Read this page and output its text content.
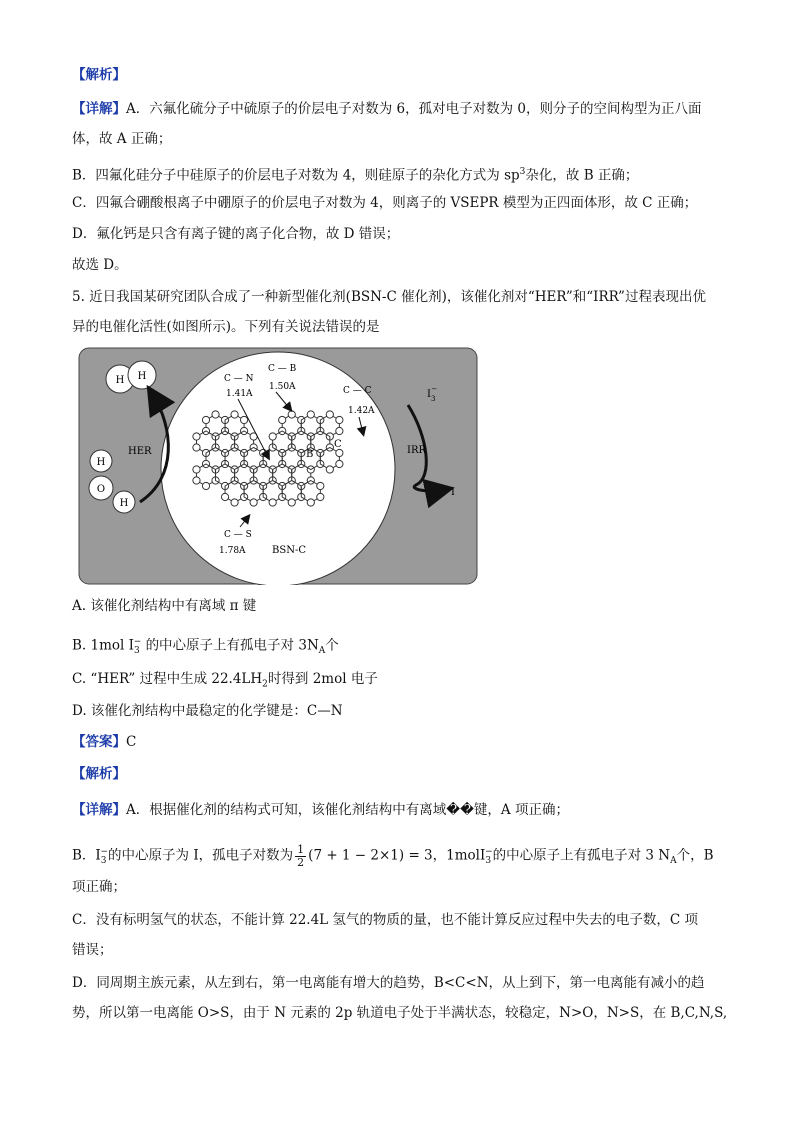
【解析】
【详解】A．六氟化硫分子中硫原子的价层电子对数为 6，孤对电子对数为 0，则分子的空间构型为正八面
体，故 A 正确；
B．四氟化硅分子中硅原子的价层电子对数为 4，则硅原子的杂化方式为 $sp^3$杂化，故 B 正确；
C．四氟合硼酸根离子中硼原子的价层电子对数为 4，则离子的 VSEPR 模型为正四面体形，故 C 正确；
D．氟化钙是只含有离子键的离子化合物，故 D 错误；
故选 D。
5. 近日我国某研究团队合成了一种新型催化剂(BSN-C 催化剂)，该催化剂对“HER”和“IRR”过程表现出优
异的电催化活性(如图所示)。下列有关说法错误的是
H H
H
O
H
HER	IRR
$I_3-$
I
C — N
1.41A
C — B
1.50A	C — C
1.42A
B
C
C — S
1.78A	BSN-C
A. 该催化剂结构中有离域 π 键
B. 1mol $I_3^-$ 的中心原子上有孤电子对 $3N_A$个
C. “HER” 过程中生成 $22.4LH_2$时得到 2mol 电子
D. 该催化剂结构中最稳定的化学键是：C—N
【答案】C
【解析】
【详解】A．根据催化剂的结构式可知，该催化剂结构中有离域��键，A 项正确；
B．$I_3^-$的中心原子为 I，孤电子对数为 $\frac{1}{2} (7 + 1 - 2\times 1) = 3$，1molI$_3$−的中心原子上有孤电子对 3 $N_A$个，B
项正确；
C．没有标明氢气的状态，不能计算 22.4L 氢气的物质的量，也不能计算反应过程中失去的电子数，C 项
错误；
D．同周期主族元素，从左到右，第一电离能有增大的趋势，B<C<N，从上到下，第一电离能有减小的趋
势，所以第一电离能 O>S，由于 N 元素的 2p 轨道电子处于半满状态，较稳定，N>O，N>S，在 B,C,N,S,
